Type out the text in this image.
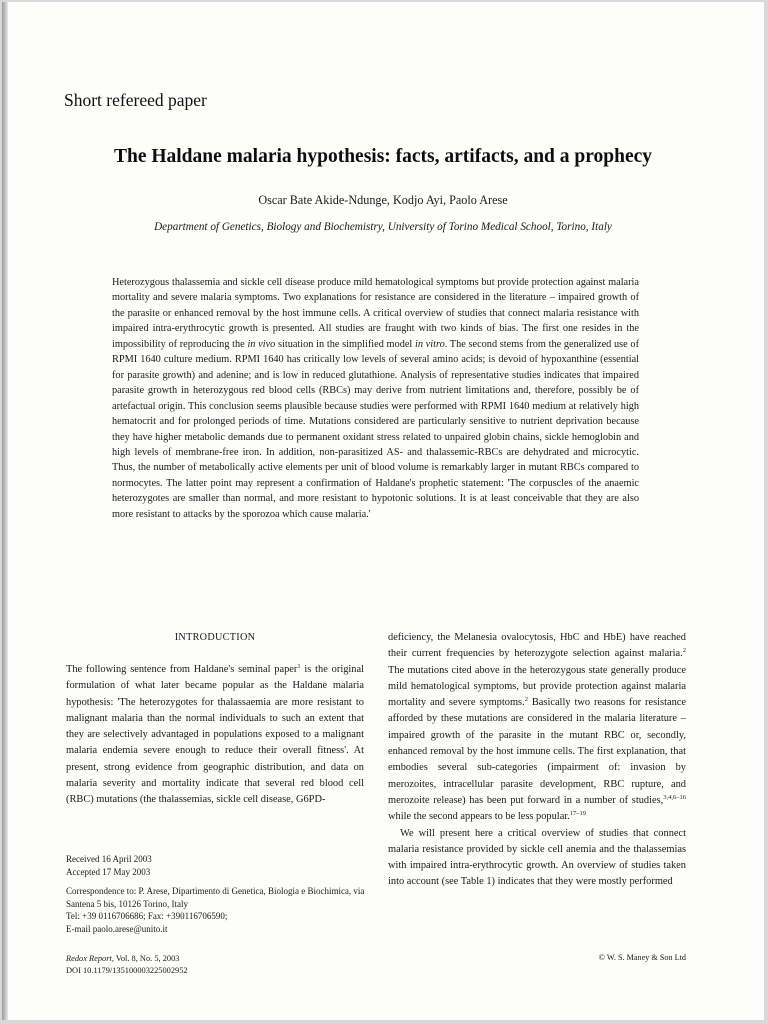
Short refereed paper
The Haldane malaria hypothesis: facts, artifacts, and a prophecy
Oscar Bate Akide-Ndunge, Kodjo Ayi, Paolo Arese
Department of Genetics, Biology and Biochemistry, University of Torino Medical School, Torino, Italy
Heterozygous thalassemia and sickle cell disease produce mild hematological symptoms but provide protection against malaria mortality and severe malaria symptoms. Two explanations for resistance are considered in the literature – impaired growth of the parasite or enhanced removal by the host immune cells. A critical overview of studies that connect malaria resistance with impaired intra-erythrocytic growth is presented. All studies are fraught with two kinds of bias. The first one resides in the impossibility of reproducing the in vivo situation in the simplified model in vitro. The second stems from the generalized use of RPMI 1640 culture medium. RPMI 1640 has critically low levels of several amino acids; is devoid of hypoxanthine (essential for parasite growth) and adenine; and is low in reduced glutathione. Analysis of representative studies indicates that impaired parasite growth in heterozygous red blood cells (RBCs) may derive from nutrient limitations and, therefore, possibly be of artefactual origin. This conclusion seems plausible because studies were performed with RPMI 1640 medium at relatively high hematocrit and for prolonged periods of time. Mutations considered are particularly sensitive to nutrient deprivation because they have higher metabolic demands due to permanent oxidant stress related to unpaired globin chains, sickle hemoglobin and high levels of membrane-free iron. In addition, non-parasitized AS- and thalassemic-RBCs are dehydrated and microcytic. Thus, the number of metabolically active elements per unit of blood volume is remarkably larger in mutant RBCs compared to normocytes. The latter point may represent a confirmation of Haldane's prophetic statement: 'The corpuscles of the anaemic heterozygotes are smaller than normal, and more resistant to hypotonic solutions. It is at least conceivable that they are also more resistant to attacks by the sporozoa which cause malaria.'
INTRODUCTION

The following sentence from Haldane's seminal paper$^1$ is the original formulation of what later became popular as the Haldane malaria hypothesis: 'The heterozygotes for thalassaemia are more resistant to malignant malaria than the normal individuals to such an extent that they are selectively advantaged in populations exposed to a malignant malaria endemia severe enough to reduce their overall fitness'. At present, strong evidence from geographic distribution, and data on malaria severity and mortality indicate that several red blood cell (RBC) mutations (the thalassemias, sickle cell disease, G6PD-

deficiency, the Melanesia ovalocytosis, HbC and HbE) have reached their current frequencies by heterozygote selection against malaria.$^2$ The mutations cited above in the heterozygous state generally produce mild hematological symptoms, but provide protection against malaria mortality and severe symptoms.$^2$ Basically two reasons for resistance afforded by these mutations are considered in the malaria literature – impaired growth of the parasite in the mutant RBC or, secondly, enhanced removal by the host immune cells. The first explanation, that embodies several sub-categories (impairment of: invasion by merozoites, intracellular parasite development, RBC rupture, and merozoite release) has been put forward in a number of studies,$^{3,4,6-16}$ while the second appears to be less popular.$^{17-19}$

We will present here a critical overview of studies that connect malaria resistance provided by sickle cell anemia and the thalassemias with impaired intra-erythrocytic growth. An overview of studies taken into account (see Table 1) indicates that they were mostly performed

Received 16 April 2003
Accepted 17 May 2003
Correspondence to: P. Arese, Dipartimento di Genetica, Biologia e Biochimica, via Santena 5 bis, 10126 Torino, Italy
Tel: +39 0116706686; Fax: +390116706590;
E-mail paolo.arese@unito.it
Redox Report, Vol. 8, No. 5, 2003
DOI 10.1179/135100003225002952
© W. S. Maney & Son Ltd
